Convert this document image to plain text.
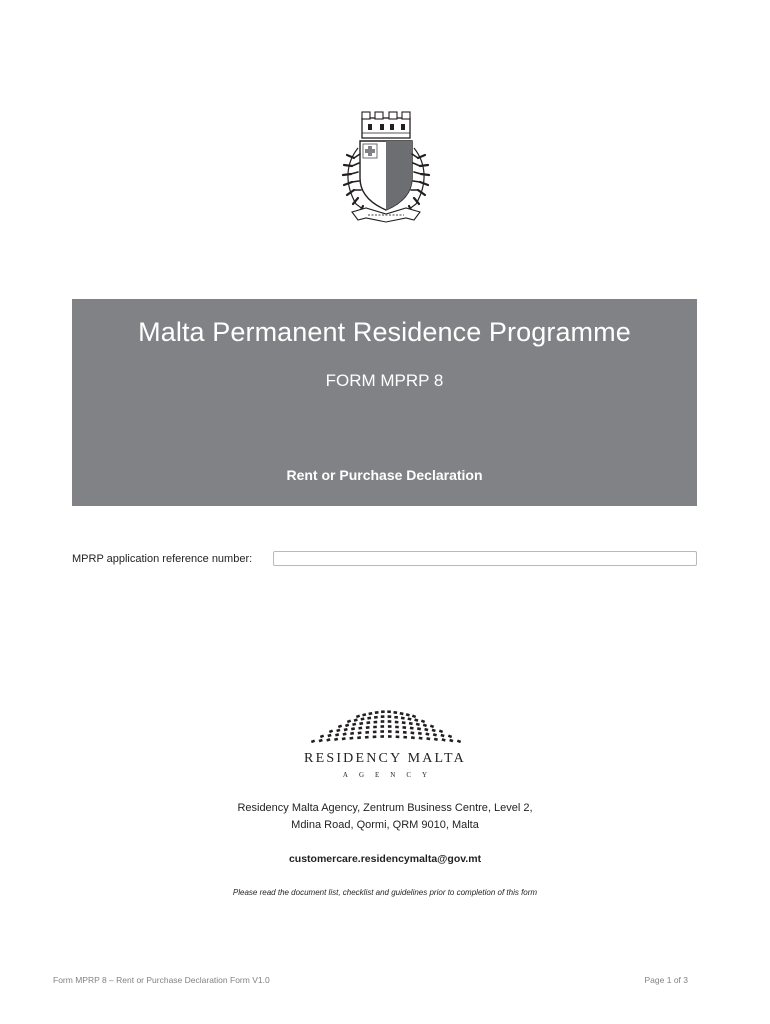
Malta Permanent Residence Programme
FORM MPRP 8
Rent or Purchase Declaration
MPRP application reference number:
RESIDENCY MALTA
AGENCY
Residency Malta Agency, Zentrum Business Centre, Level 2,
Mdina Road, Qormi, QRM 9010, Malta
customercare.residencymalta@gov.mt
Please read the document list, checklist and guidelines prior to completion of this form
Form MPRP 8 – Rent or Purchase Declaration Form V1.0	Page 1 of 3
